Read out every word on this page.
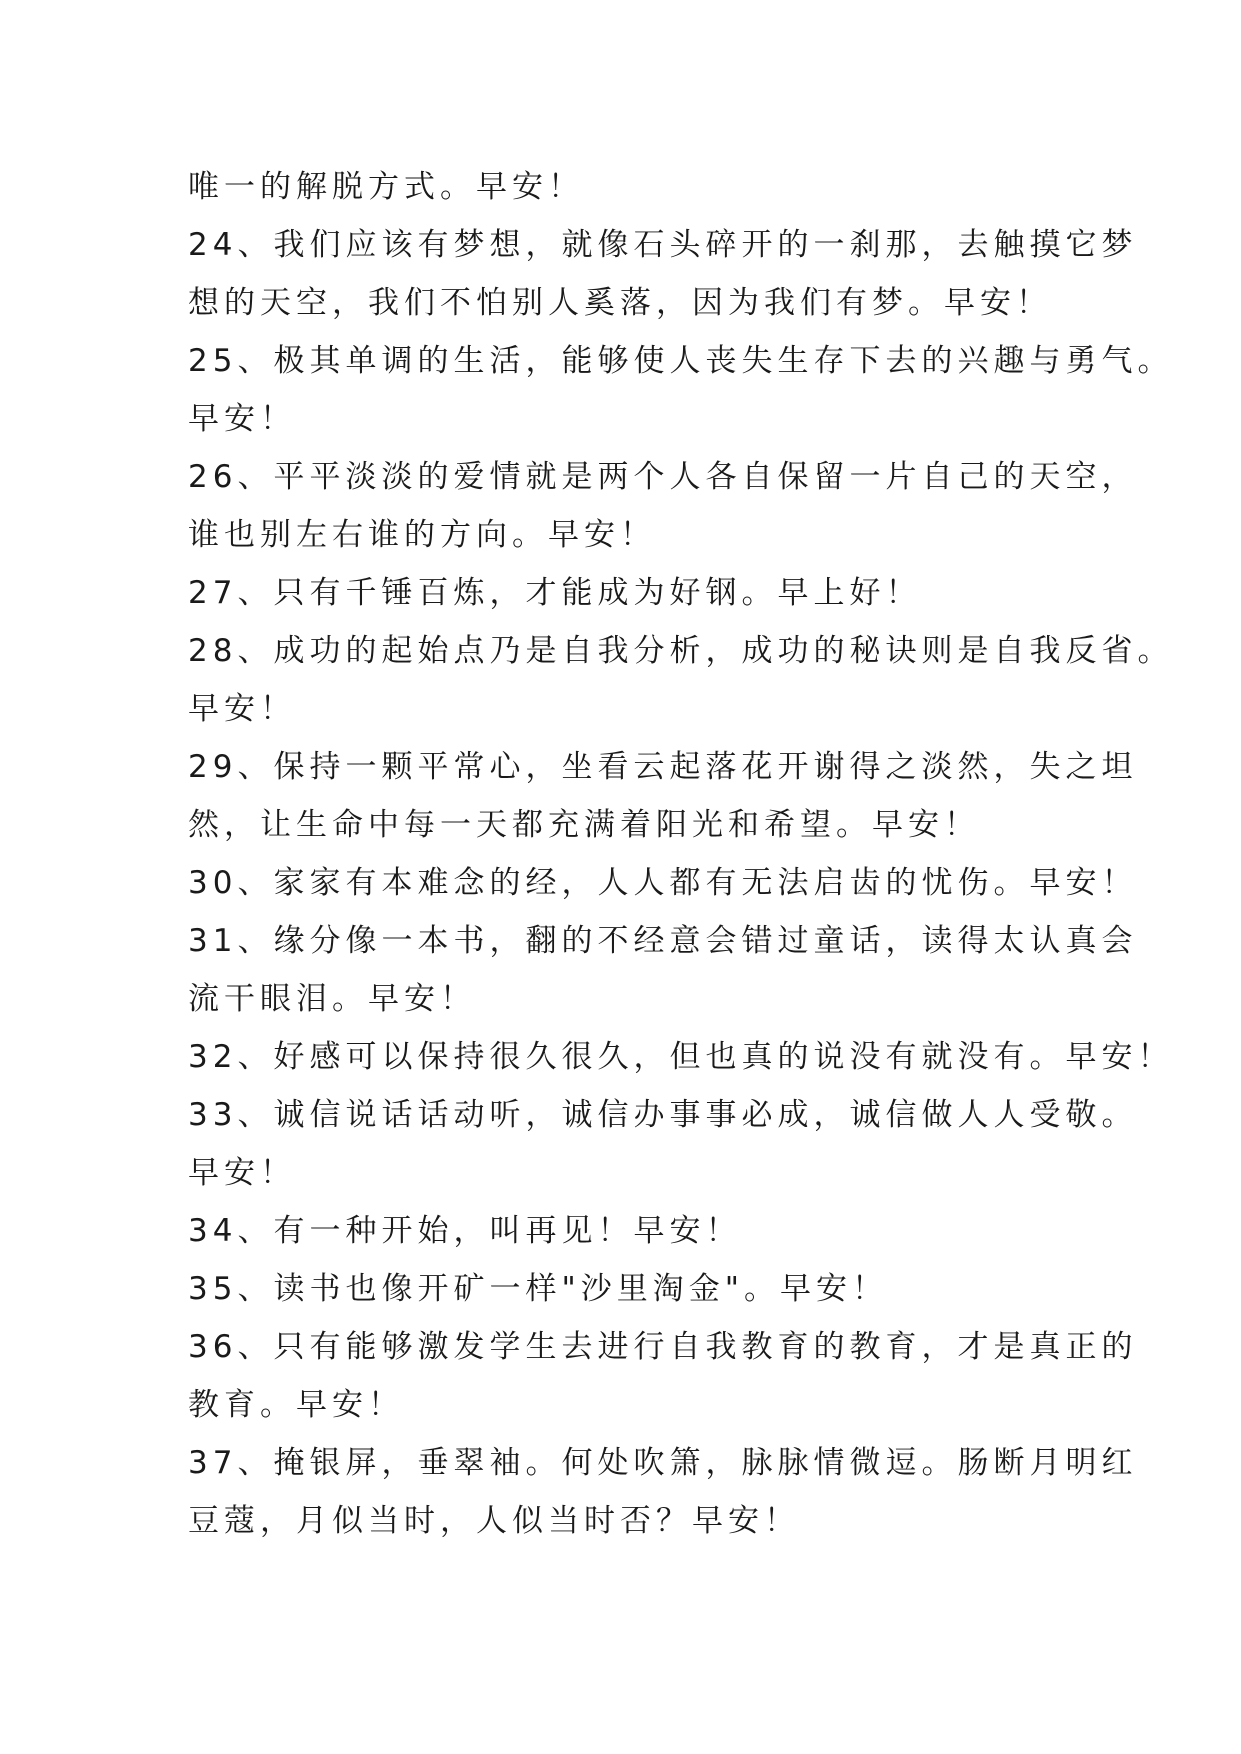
唯一的解脱方式。早安！
24、我们应该有梦想，就像石头碎开的一刹那，去触摸它梦
想的天空，我们不怕别人奚落，因为我们有梦。早安！
25、极其单调的生活，能够使人丧失生存下去的兴趣与勇气。
早安！
26、平平淡淡的爱情就是两个人各自保留一片自己的天空，
谁也别左右谁的方向。早安！
27、只有千锤百炼，才能成为好钢。早上好！
28、成功的起始点乃是自我分析，成功的秘诀则是自我反省。
早安！
29、保持一颗平常心，坐看云起落花开谢得之淡然，失之坦
然，让生命中每一天都充满着阳光和希望。早安！
30、家家有本难念的经，人人都有无法启齿的忧伤。早安！
31、缘分像一本书，翻的不经意会错过童话，读得太认真会
流干眼泪。早安！
32、好感可以保持很久很久，但也真的说没有就没有。早安！
33、诚信说话话动听，诚信办事事必成，诚信做人人受敬。
早安！
34、有一种开始，叫再见！早安！
35、读书也像开矿一样"沙里淘金"。早安！
36、只有能够激发学生去进行自我教育的教育，才是真正的
教育。早安！
37、掩银屏，垂翠袖。何处吹箫，脉脉情微逗。肠断月明红
豆蔻，月似当时，人似当时否？早安！
